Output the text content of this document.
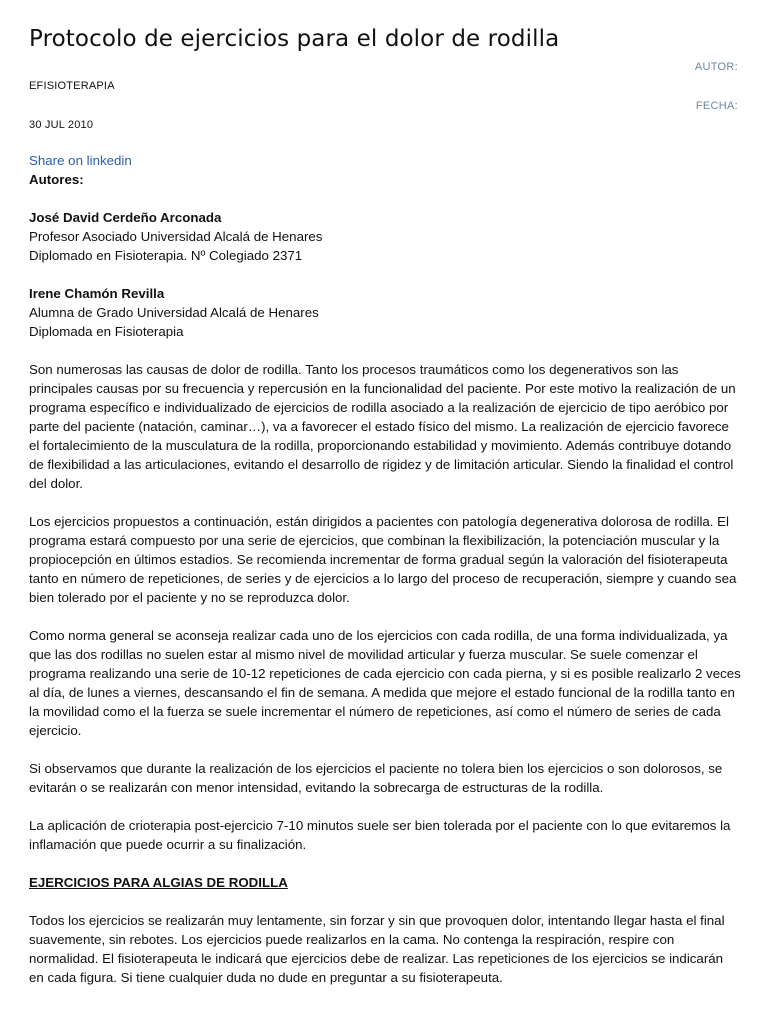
Protocolo de ejercicios para el dolor de rodilla
AUTOR:
EFISIOTERAPIA
FECHA:
30 JUL 2010
Share on linkedin

Autores:

José David Cerdeño Arconada
Profesor Asociado Universidad Alcalá de Henares
Diplomado en Fisioterapia. Nº Colegiado 2371

Irene Chamón Revilla
Alumna de Grado Universidad Alcalá de Henares
Diplomada en Fisioterapia

Son numerosas las causas de dolor de rodilla. Tanto los procesos traumáticos como los degenerativos son las principales causas por su frecuencia y repercusión en la funcionalidad del paciente. Por este motivo la realización de un programa específico e individualizado de ejercicios de rodilla asociado a la realización de ejercicio de tipo aeróbico por parte del paciente (natación, caminar…), va a favorecer el estado físico del mismo. La realización de ejercicio favorece el fortalecimiento de la musculatura de la rodilla, proporcionando estabilidad y movimiento. Además contribuye dotando de flexibilidad a las articulaciones, evitando el desarrollo de rigidez y de limitación articular. Siendo la finalidad el control del dolor.

Los ejercicios propuestos a continuación, están dirigidos a pacientes con patología degenerativa dolorosa de rodilla. El programa estará compuesto por una serie de ejercicios, que combinan la flexibilización, la potenciación muscular y la propiocepción en últimos estadios. Se recomienda incrementar de forma gradual según la valoración del fisioterapeuta tanto en número de repeticiones, de series y de ejercicios a lo largo del proceso de recuperación, siempre y cuando sea bien tolerado por el paciente y no se reproduzca dolor.

Como norma general se aconseja realizar cada uno de los ejercicios con cada rodilla, de una forma individualizada, ya que las dos rodillas no suelen estar al mismo nivel de movilidad articular y fuerza muscular. Se suele comenzar el programa realizando una serie de 10-12 repeticiones de cada ejercicio con cada pierna, y si es posible realizarlo 2 veces al día, de lunes a viernes, descansando el fin de semana. A medida que mejore el estado funcional de la rodilla tanto en la movilidad como el la fuerza se suele incrementar el número de repeticiones, así como el número de series de cada ejercicio.

Si observamos que durante la realización de los ejercicios el paciente no tolera bien los ejercicios o son dolorosos, se evitarán o se realizarán con menor intensidad, evitando la sobrecarga de estructuras de la rodilla.

La aplicación de crioterapia post-ejercicio 7-10 minutos suele ser bien tolerada por el paciente con lo que evitaremos la inflamación que puede ocurrir a su finalización.

EJERCICIOS PARA ALGIAS DE RODILLA

Todos los ejercicios se realizarán muy lentamente, sin forzar y sin que provoquen dolor, intentando llegar hasta el final suavemente, sin rebotes. Los ejercicios puede realizarlos en la cama. No contenga la respiración, respire con normalidad. El fisioterapeuta le indicará que ejercicios debe de realizar. Las repeticiones de los ejercicios se indicarán en cada figura. Si tiene cualquier duda no dude en preguntar a su fisioterapeuta.
